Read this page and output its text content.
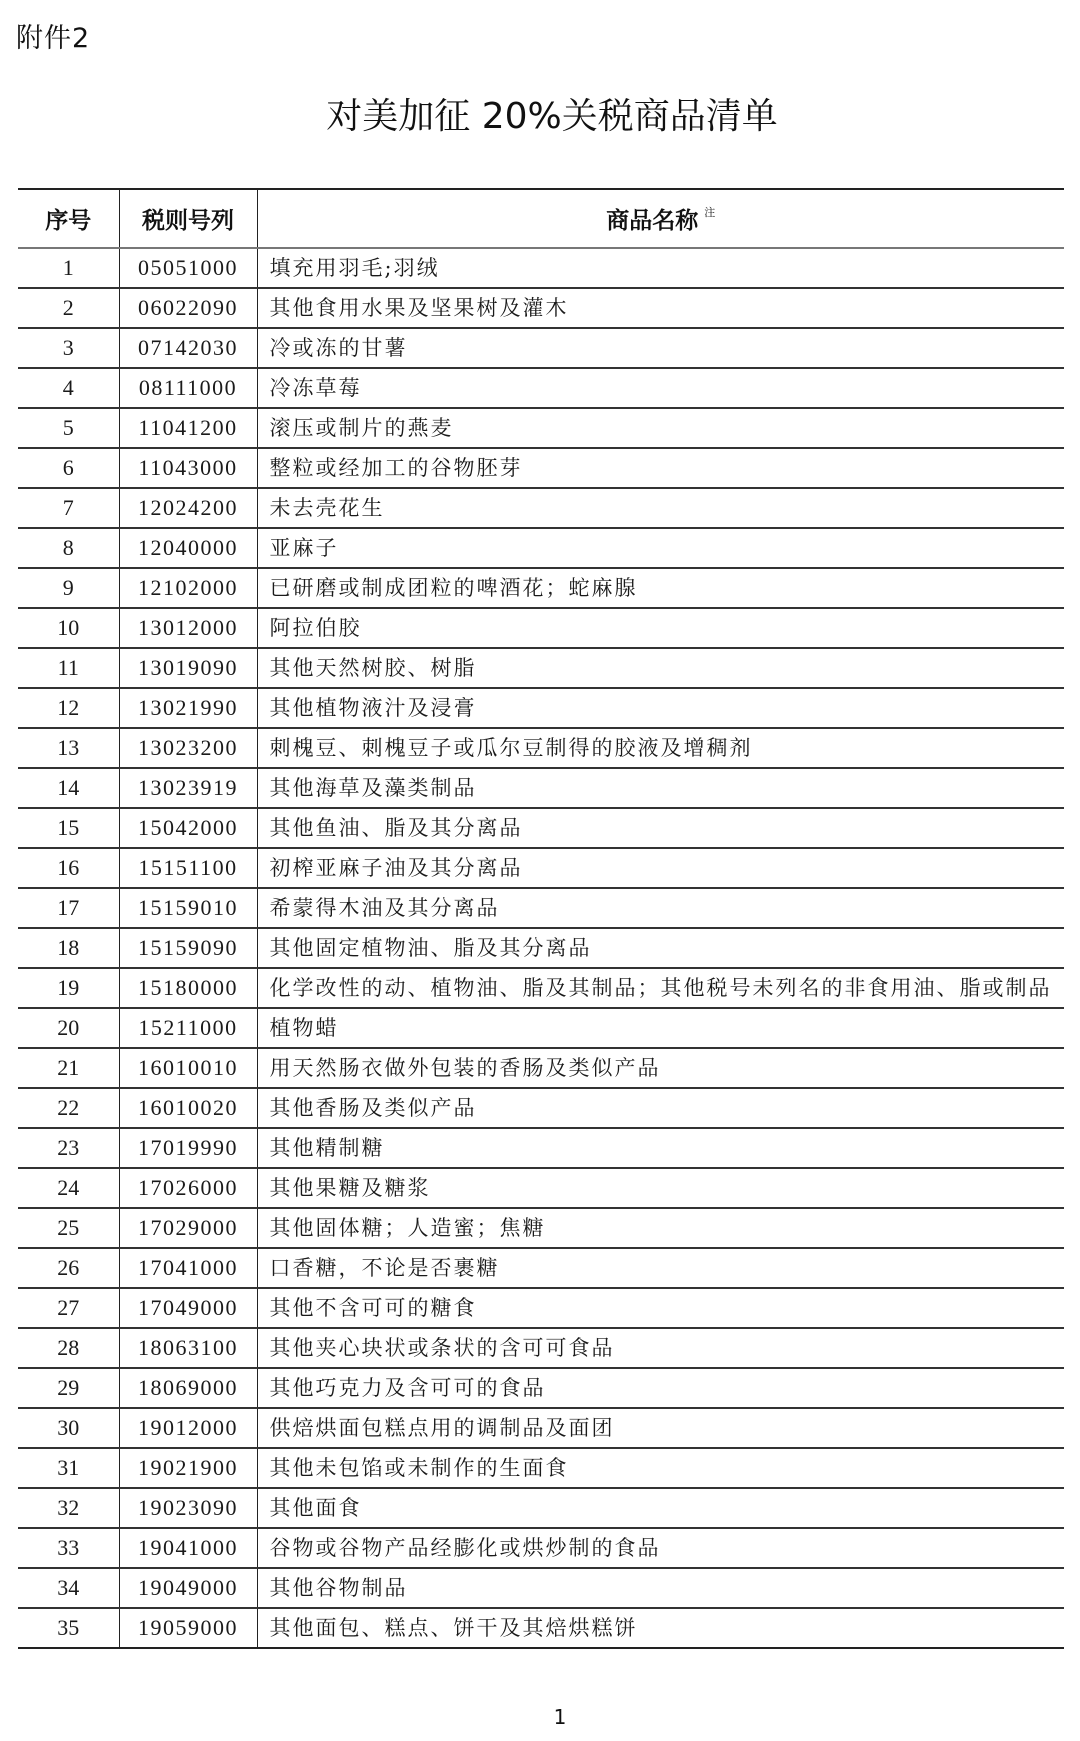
附件2
对美加征 20%关税商品清单
序号	税则号列	商品名称 $^注$
1	05051000	填充用羽毛;羽绒
2	06022090	其他食用水果及坚果树及灌木
3	07142030	冷或冻的甘薯
4	08111000	冷冻草莓
5	11041200	滚压或制片的燕麦
6	11043000	整粒或经加工的谷物胚芽
7	12024200	未去壳花生
8	12040000	亚麻子
9	12102000	已研磨或制成团粒的啤酒花；蛇麻腺
10	13012000	阿拉伯胶
11	13019090	其他天然树胶、树脂
12	13021990	其他植物液汁及浸膏
13	13023200	刺槐豆、刺槐豆子或瓜尔豆制得的胶液及增稠剂
14	13023919	其他海草及藻类制品
15	15042000	其他鱼油、脂及其分离品
16	15151100	初榨亚麻子油及其分离品
17	15159010	希蒙得木油及其分离品
18	15159090	其他固定植物油、脂及其分离品
19	15180000	化学改性的动、植物油、脂及其制品；其他税号未列名的非食用油、脂或制品
20	15211000	植物蜡
21	16010010	用天然肠衣做外包装的香肠及类似产品
22	16010020	其他香肠及类似产品
23	17019990	其他精制糖
24	17026000	其他果糖及糖浆
25	17029000	其他固体糖；人造蜜；焦糖
26	17041000	口香糖，不论是否裹糖
27	17049000	其他不含可可的糖食
28	18063100	其他夹心块状或条状的含可可食品
29	18069000	其他巧克力及含可可的食品
30	19012000	供焙烘面包糕点用的调制品及面团
31	19021900	其他未包馅或未制作的生面食
32	19023090	其他面食
33	19041000	谷物或谷物产品经膨化或烘炒制的食品
34	19049000	其他谷物制品
35	19059000	其他面包、糕点、饼干及其焙烘糕饼
1
